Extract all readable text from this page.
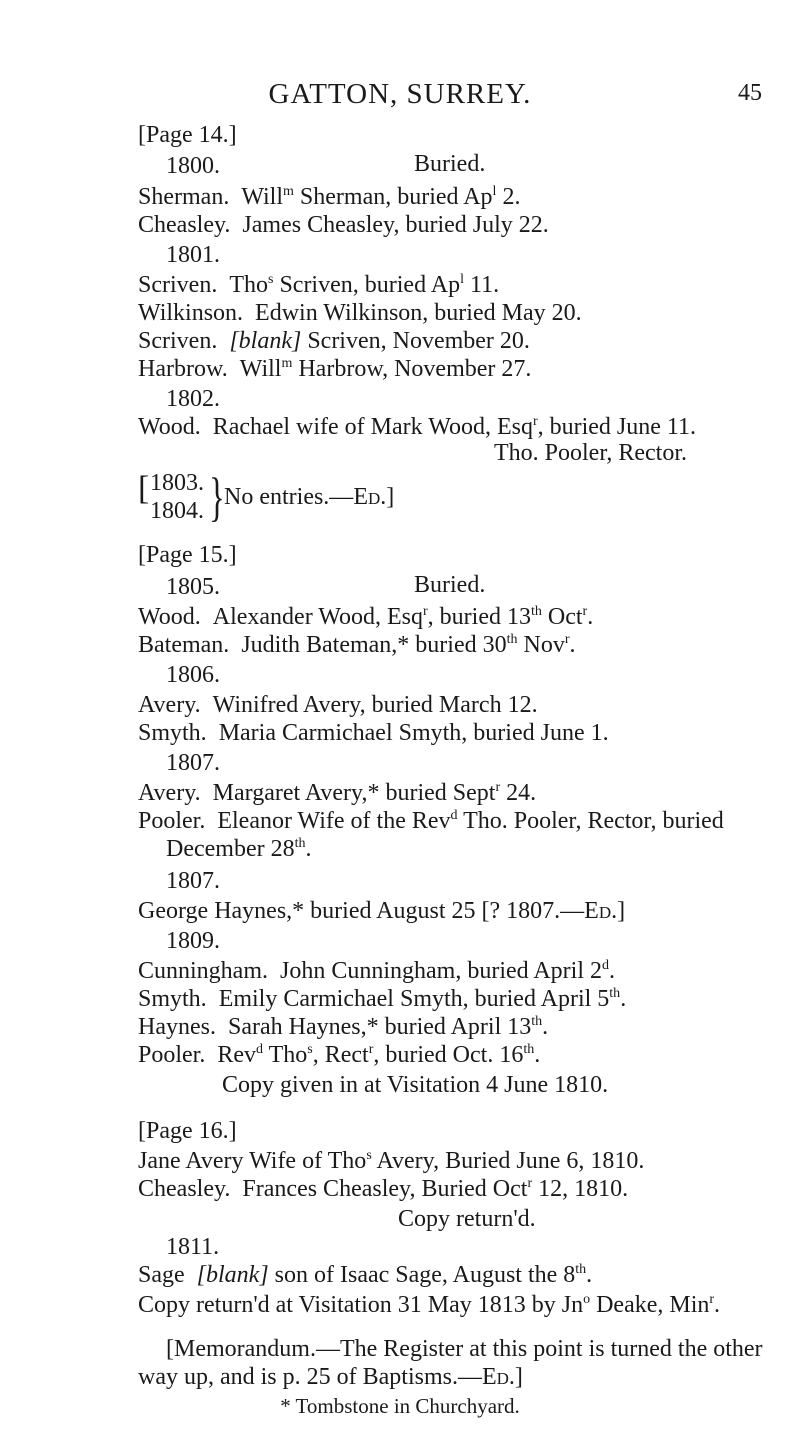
GATTON, SURREY.	45
[Page 14.]
1800.	Buried.
Sherman. Will$^m$ Sherman, buried Ap$^l$ 2.
Cheasley. James Cheasley, buried July 22.
1801.
Scriven. Tho$^s$ Scriven, buried Ap$^l$ 11.
Wilkinson. Edwin Wilkinson, buried May 20.
Scriven. [blank] Scriven, November 20.
Harbrow. Will$^m$ Harbrow, November 27.
1802.
Wood. Rachael wife of Mark Wood, Esq$^r$, buried June 11.
Tho. Pooler, Rector.
[ 1803.
1804. } No entries.—Ed.]
[Page 15.]
1805.	Buried.
Wood. Alexander Wood, Esq$^r$, buried 13th Oct$^r$.
Bateman. Judith Bateman,* buried 30th Nov$^r$.
1806.
Avery. Winifred Avery, buried March 12.
Smyth. Maria Carmichael Smyth, buried June 1.
1807.
Avery. Margaret Avery,* buried Sept$^r$ 24.
Pooler. Eleanor Wife of the Rev$^d$ Tho. Pooler, Rector, buried
December 28th.
1807.
George Haynes,* buried August 25 [? 1807.—Ed.]
1809.
Cunningham. John Cunningham, buried April 2$^d$.
Smyth. Emily Carmichael Smyth, buried April 5th.
Haynes. Sarah Haynes,* buried April 13th.
Pooler. Rev$^d$ Tho$^s$, Rect$^r$, buried Oct. 16th.
Copy given in at Visitation 4 June 1810.
[Page 16.]
Jane Avery Wife of Tho$^s$ Avery, Buried June 6, 1810.
Cheasley. Frances Cheasley, Buried Oct$^r$ 12, 1810.
Copy return'd.
1811.
Sage [blank] son of Isaac Sage, August the 8th.
Copy return'd at Visitation 31 May 1813 by Jn$^o$ Deake, Min$^r$.
[Memorandum.—The Register at this point is turned the other
way up, and is p. 25 of Baptisms.—Ed.]
* Tombstone in Churchyard.
